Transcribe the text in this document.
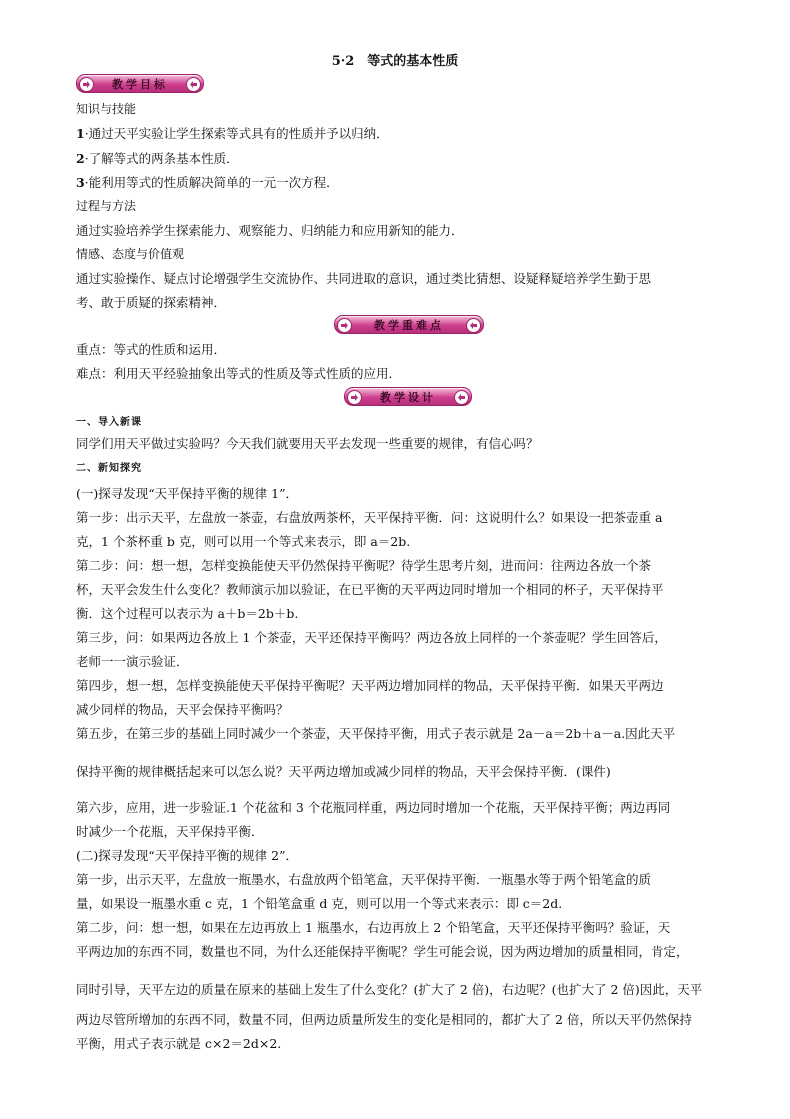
5·2　等式的基本性质
教学目标
知识与技能
1·通过天平实验让学生探索等式具有的性质并予以归纳．
2·了解等式的两条基本性质．
3·能利用等式的性质解决简单的一元一次方程．
过程与方法
通过实验培养学生探索能力、观察能力、归纳能力和应用新知的能力．
情感、态度与价值观
通过实验操作、疑点讨论增强学生交流协作、共同进取的意识，通过类比猜想、设疑释疑培养学生勤于思
考、敢于质疑的探索精神．
教学重难点
重点：等式的性质和运用．
难点：利用天平经验抽象出等式的性质及等式性质的应用．
教学设计
一、导入新课
同学们用天平做过实验吗？今天我们就要用天平去发现一些重要的规律，有信心吗？
二、新知探究
(一)探寻发现“天平保持平衡的规律 1”．
第一步：出示天平，左盘放一茶壶，右盘放两茶杯，天平保持平衡．问：这说明什么？如果设一把茶壶重 a
克，1 个茶杯重 b 克，则可以用一个等式来表示，即 a＝2b.
第二步：问：想一想，怎样变换能使天平仍然保持平衡呢？待学生思考片刻，进而问：往两边各放一个茶
杯，天平会发生什么变化？教师演示加以验证，在已平衡的天平两边同时增加一个相同的杯子，天平保持平
衡．这个过程可以表示为 a＋b＝2b＋b.
第三步，问：如果两边各放上 1 个茶壶，天平还保持平衡吗？两边各放上同样的一个茶壶呢？学生回答后，
老师一一演示验证．
第四步，想一想，怎样变换能使天平保持平衡呢？天平两边增加同样的物品，天平保持平衡．如果天平两边
减少同样的物品，天平会保持平衡吗？
第五步，在第三步的基础上同时减少一个茶壶，天平保持平衡，用式子表示就是 2a－a＝2b＋a－a.因此天平
保持平衡的规律概括起来可以怎么说？天平两边增加或减少同样的物品，天平会保持平衡．(课件)
第六步，应用，进一步验证.1 个花盆和 3 个花瓶同样重，两边同时增加一个花瓶，天平保持平衡；两边再同
时减少一个花瓶，天平保持平衡．
(二)探寻发现“天平保持平衡的规律 2”．
第一步，出示天平，左盘放一瓶墨水，右盘放两个铅笔盒，天平保持平衡．一瓶墨水等于两个铅笔盒的质
量，如果设一瓶墨水重 c 克，1 个铅笔盒重 d 克，则可以用一个等式来表示：即 c＝2d.
第二步，问：想一想，如果在左边再放上 1 瓶墨水，右边再放上 2 个铅笔盒，天平还保持平衡吗？验证，天
平两边加的东西不同，数量也不同，为什么还能保持平衡呢？学生可能会说，因为两边增加的质量相同，肯定，
同时引导，天平左边的质量在原来的基础上发生了什么变化？(扩大了 2 倍)，右边呢？(也扩大了 2 倍)因此，天平
两边尽管所增加的东西不同，数量不同，但两边质量所发生的变化是相同的，都扩大了 2 倍，所以天平仍然保持
平衡，用式子表示就是 c×2＝2d×2.
